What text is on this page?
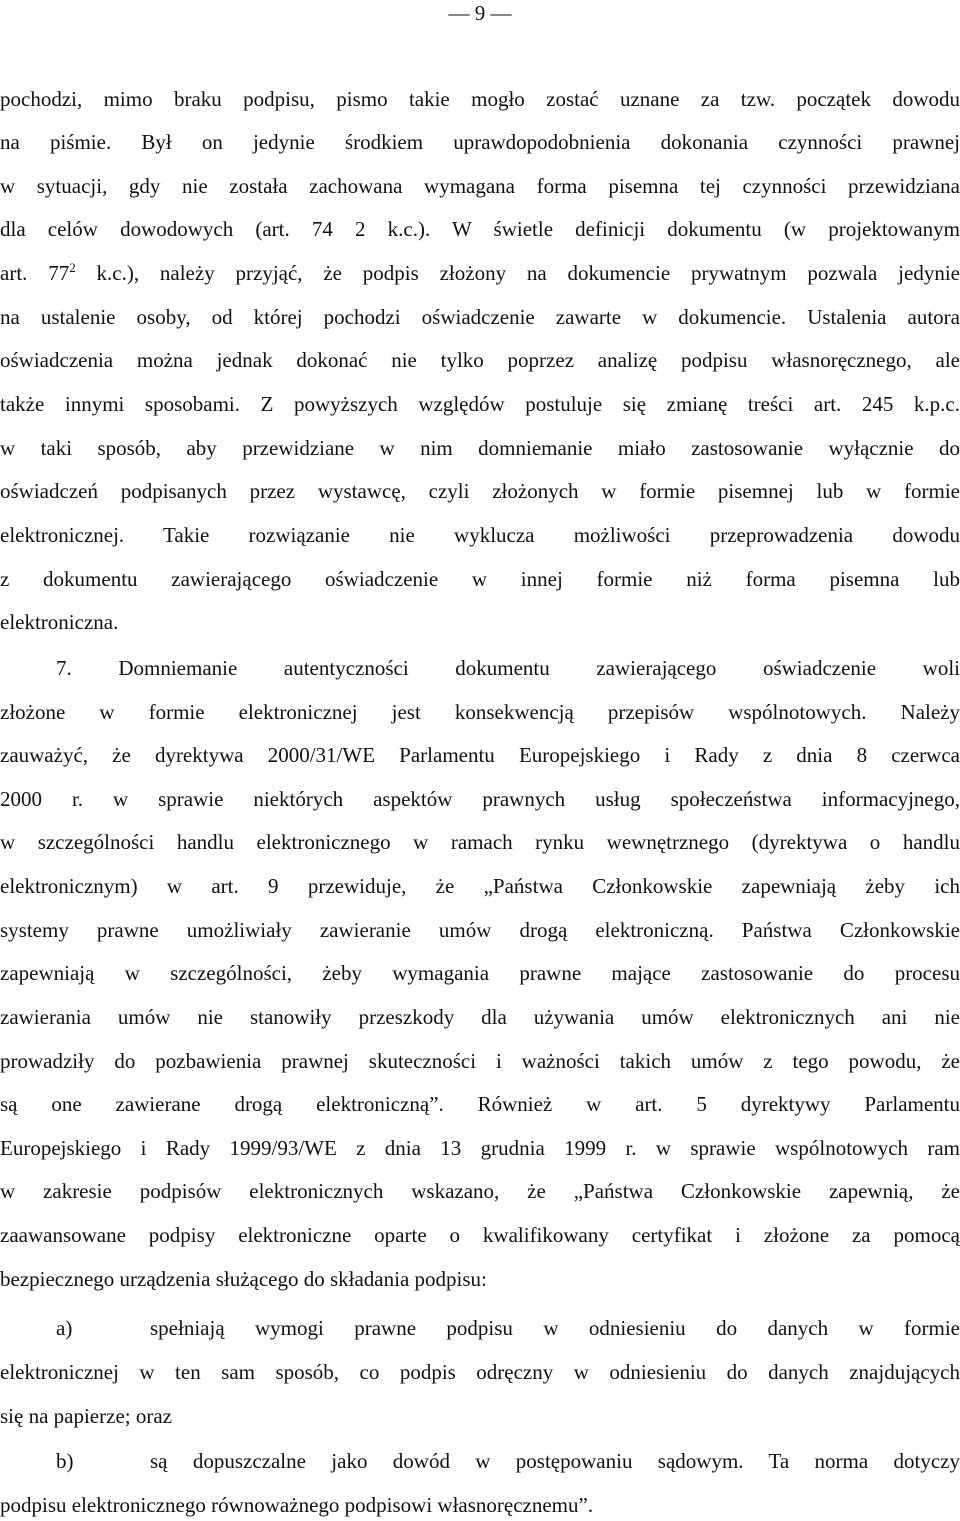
— 9 —

pochodzi, mimo braku podpisu, pismo takie mogło zostać uznane za tzw. początek dowodu

na piśmie. Był on jedynie środkiem uprawdopodobnienia dokonania czynności prawnej

w sytuacji, gdy nie została zachowana wymagana forma pisemna tej czynności przewidziana

dla celów dowodowych (art. 74 2 k.c.). W świetle definicji dokumentu (w projektowanym

art. $77^2$ k.c.), należy przyjąć, że podpis złożony na dokumencie prywatnym pozwala jedynie

na ustalenie osoby, od której pochodzi oświadczenie zawarte w dokumencie. Ustalenia autora

oświadczenia można jednak dokonać nie tylko poprzez analizę podpisu własnoręcznego, ale

także innymi sposobami. Z powyższych względów postuluje się zmianę treści art. 245 k.p.c.

w taki sposób, aby przewidziane w nim domniemanie miało zastosowanie wyłącznie do

oświadczeń podpisanych przez wystawcę, czyli złożonych w formie pisemnej lub w formie

elektronicznej. Takie rozwiązanie nie wyklucza możliwości przeprowadzenia dowodu

z dokumentu zawierającego oświadczenie w innej formie niż forma pisemna lub

elektroniczna.

7. Domniemanie autentyczności dokumentu zawierającego oświadczenie woli

złożone w formie elektronicznej jest konsekwencją przepisów wspólnotowych. Należy

zauważyć, że dyrektywa 2000/31/WE Parlamentu Europejskiego i Rady z dnia 8 czerwca

2000 r. w sprawie niektórych aspektów prawnych usług społeczeństwa informacyjnego,

w szczególności handlu elektronicznego w ramach rynku wewnętrznego (dyrektywa o handlu

elektronicznym) w art. 9 przewiduje, że „Państwa Członkowskie zapewniają żeby ich

systemy prawne umożliwiały zawieranie umów drogą elektroniczną. Państwa Członkowskie

zapewniają w szczególności, żeby wymagania prawne mające zastosowanie do procesu

zawierania umów nie stanowiły przeszkody dla używania umów elektronicznych ani nie

prowadziły do pozbawienia prawnej skuteczności i ważności takich umów z tego powodu, że

są one zawierane drogą elektroniczną”. Również w art. 5 dyrektywy Parlamentu

Europejskiego i Rady 1999/93/WE z dnia 13 grudnia 1999 r. w sprawie wspólnotowych ram

w zakresie podpisów elektronicznych wskazano, że „Państwa Członkowskie zapewnią, że

zaawansowane podpisy elektroniczne oparte o kwalifikowany certyfikat i złożone za pomocą

bezpiecznego urządzenia służącego do składania podpisu:

a)	spełniają wymogi prawne podpisu w odniesieniu do danych w formie

elektronicznej w ten sam sposób, co podpis odręczny w odniesieniu do danych znajdujących

się na papierze; oraz

b)	są dopuszczalne jako dowód w postępowaniu sądowym. Ta norma dotyczy

podpisu elektronicznego równoważnego podpisowi własnoręcznemu”.
